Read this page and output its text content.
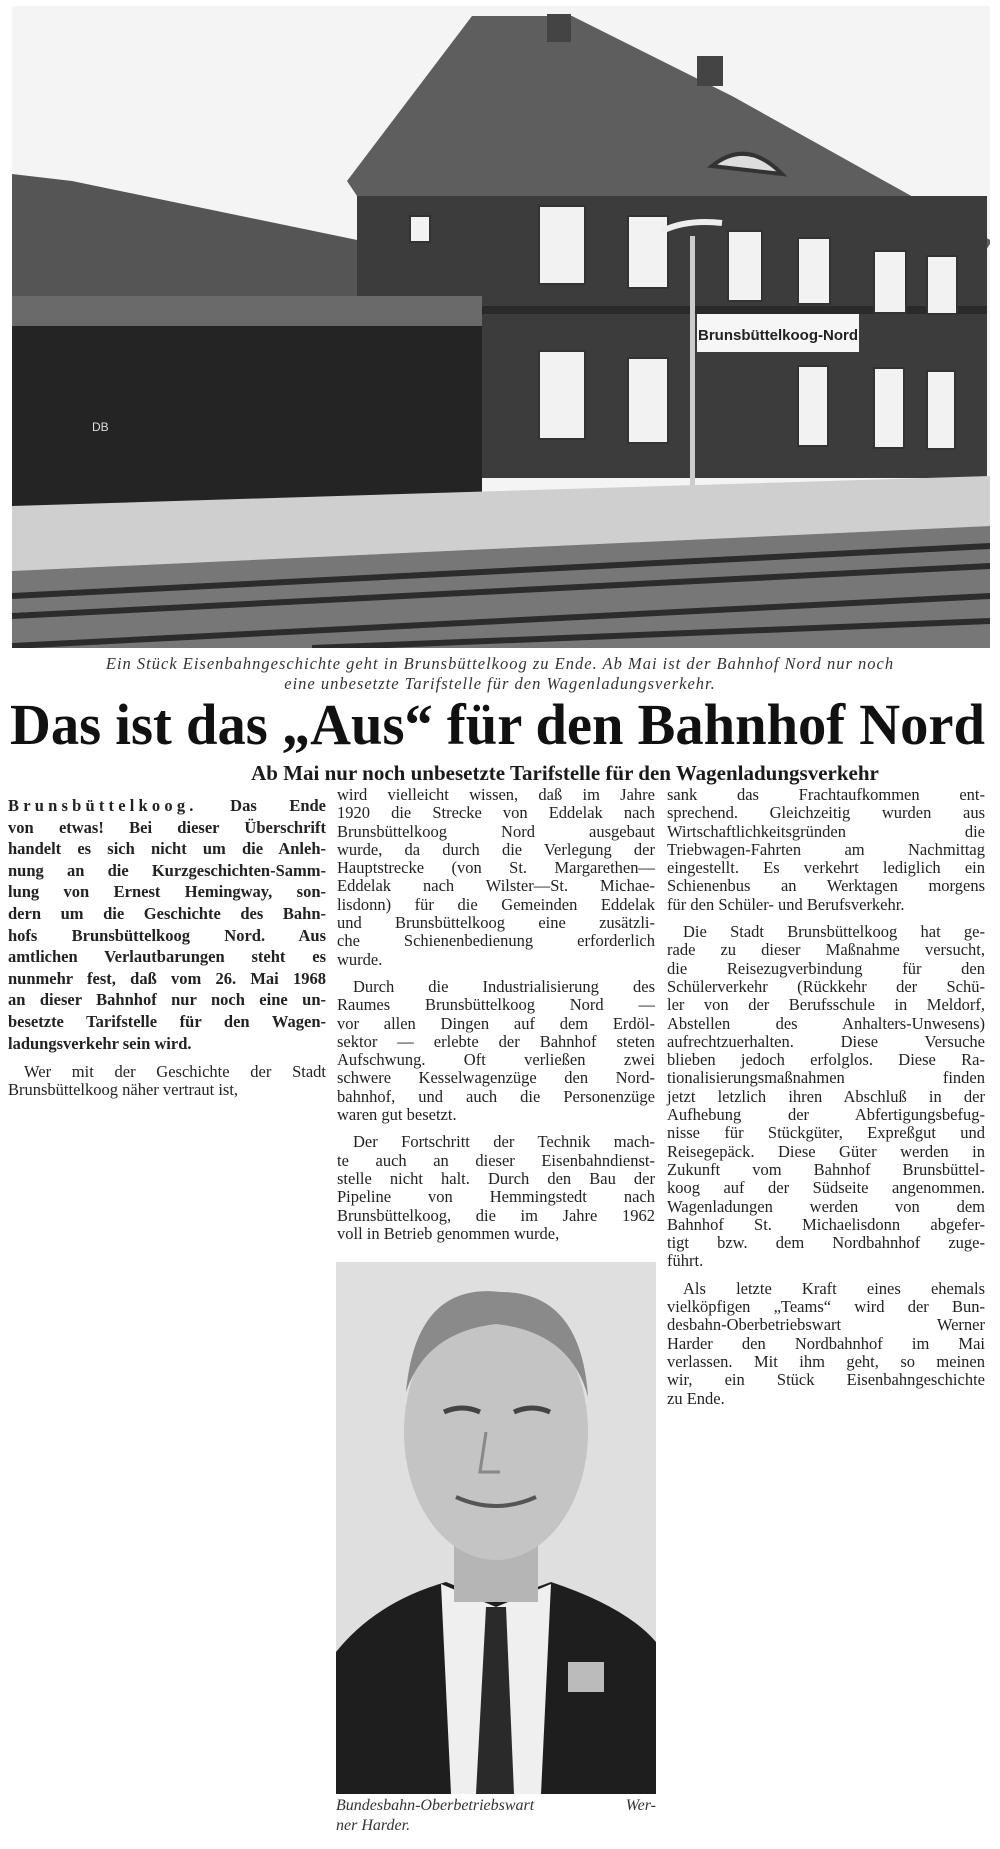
DB
Brunsbüttelkoog-Nord
Ein Stück Eisenbahngeschichte geht in Brunsbüttelkoog zu Ende. Ab Mai ist der Bahnhof Nord nur noch
eine unbesetzte Tarifstelle für den Wagenladungsverkehr.
Das ist das „Aus“ für den Bahnhof Nord
Ab Mai nur noch unbesetzte Tarifstelle für den Wagenladungsverkehr
Brunsbüttelkoog. Das Ende
von etwas! Bei dieser Überschrift
handelt es sich nicht um die Anleh-
nung an die Kurzgeschichten-Samm-
lung von Ernest Hemingway, son-
dern um die Geschichte des Bahn-
hofs Brunsbüttelkoog Nord. Aus
amtlichen Verlautbarungen steht es
nunmehr fest, daß vom 26. Mai 1968
an dieser Bahnhof nur noch eine un-
besetzte Tarifstelle für den Wagen-
ladungsverkehr sein wird.
Wer mit der Geschichte der Stadt
Brunsbüttelkoog näher vertraut ist,
wird vielleicht wissen, daß im Jahre
1920 die Strecke von Eddelak nach
Brunsbüttelkoog Nord ausgebaut
wurde, da durch die Verlegung der
Hauptstrecke (von St. Margarethen—
Eddelak nach Wilster—St. Michae-
lisdonn) für die Gemeinden Eddelak
und Brunsbüttelkoog eine zusätzli-
che Schienenbedienung erforderlich
wurde.
Durch die Industrialisierung des
Raumes Brunsbüttelkoog Nord —
vor allen Dingen auf dem Erdöl-
sektor — erlebte der Bahnhof steten
Aufschwung. Oft verließen zwei
schwere Kesselwagenzüge den Nord-
bahnhof, und auch die Personenzüge
waren gut besetzt.
Der Fortschritt der Technik mach-
te auch an dieser Eisenbahndienst-
stelle nicht halt. Durch den Bau der
Pipeline von Hemmingstedt nach
Brunsbüttelkoog, die im Jahre 1962
voll in Betrieb genommen wurde,
sank das Frachtaufkommen ent-
sprechend. Gleichzeitig wurden aus
Wirtschaftlichkeitsgründen die
Triebwagen-Fahrten am Nachmittag
eingestellt. Es verkehrt lediglich ein
Schienenbus an Werktagen morgens
für den Schüler- und Berufsverkehr.
Die Stadt Brunsbüttelkoog hat ge-
rade zu dieser Maßnahme versucht,
die Reisezugverbindung für den
Schülerverkehr (Rückkehr der Schü-
ler von der Berufsschule in Meldorf,
Abstellen des Anhalters-Unwesens)
aufrechtzuerhalten. Diese Versuche
blieben jedoch erfolglos. Diese Ra-
tionalisierungsmaßnahmen finden
jetzt letzlich ihren Abschluß in der
Aufhebung der Abfertigungsbefug-
nisse für Stückgüter, Expreßgut und
Reisegepäck. Diese Güter werden in
Zukunft vom Bahnhof Brunsbüttel-
koog auf der Südseite angenommen.
Wagenladungen werden von dem
Bahnhof St. Michaelisdonn abgefer-
tigt bzw. dem Nordbahnhof zuge-
führt.
Als letzte Kraft eines ehemals
vielköpfigen „Teams“ wird der Bun-
desbahn-Oberbetriebswart Werner
Harder den Nordbahnhof im Mai
verlassen. Mit ihm geht, so meinen
wir, ein Stück Eisenbahngeschichte
zu Ende.
Bundesbahn-Oberbetriebswart Wer-
ner Harder.
